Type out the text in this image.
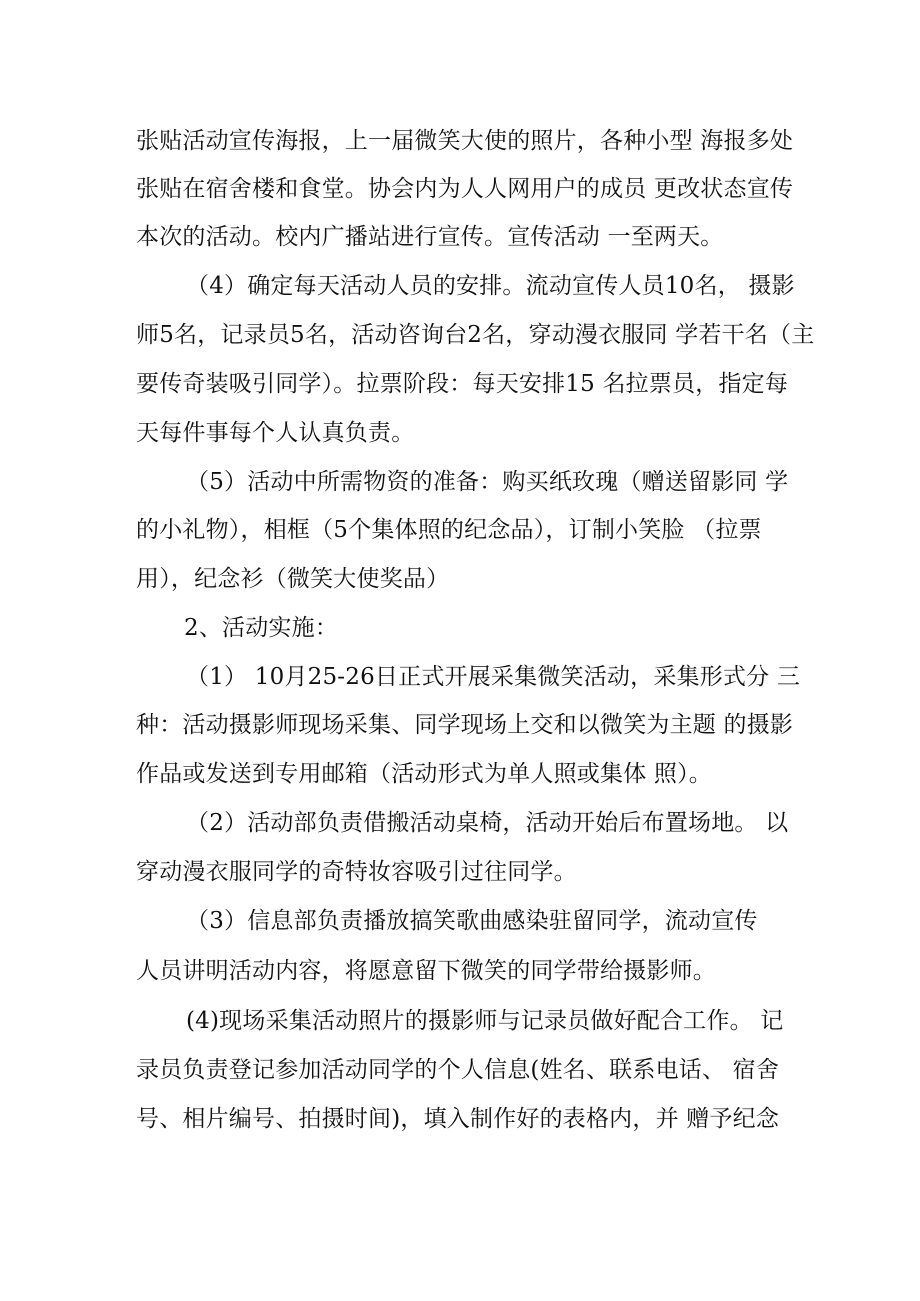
张贴活动宣传海报，上一届微笑大使的照片，各种小型 海报多处
张贴在宿舍楼和食堂。协会内为人人网用户的成员 更改状态宣传
本次的活动。校内广播站进行宣传。宣传活动 一至两天。
（4）确定每天活动人员的安排。流动宣传人员10名， 摄影
师5名，记录员5名，活动咨询台2名，穿动漫衣服同 学若干名（主
要传奇装吸引同学）。拉票阶段：每天安排15 名拉票员，指定每
天每件事每个人认真负责。
（5）活动中所需物资的准备：购买纸玫瑰（赠送留影同 学
的小礼物），相框（5个集体照的纪念品），订制小笑脸 （拉票
用），纪念衫（微笑大使奖品）
2、活动实施：
（1） 10月25-26日正式开展采集微笑活动，采集形式分 三
种：活动摄影师现场采集、同学现场上交和以微笑为主题 的摄影
作品或发送到专用邮箱（活动形式为单人照或集体 照）。
（2）活动部负责借搬活动桌椅，活动开始后布置场地。 以
穿动漫衣服同学的奇特妆容吸引过往同学。
（3）信息部负责播放搞笑歌曲感染驻留同学，流动宣传
人员讲明活动内容，将愿意留下微笑的同学带给摄影师。
(4)现场采集活动照片的摄影师与记录员做好配合工作。 记
录员负责登记参加活动同学的个人信息(姓名、联系电话、 宿舍
号、相片编号、拍摄时间)，填入制作好的表格内，并 赠予纪念
